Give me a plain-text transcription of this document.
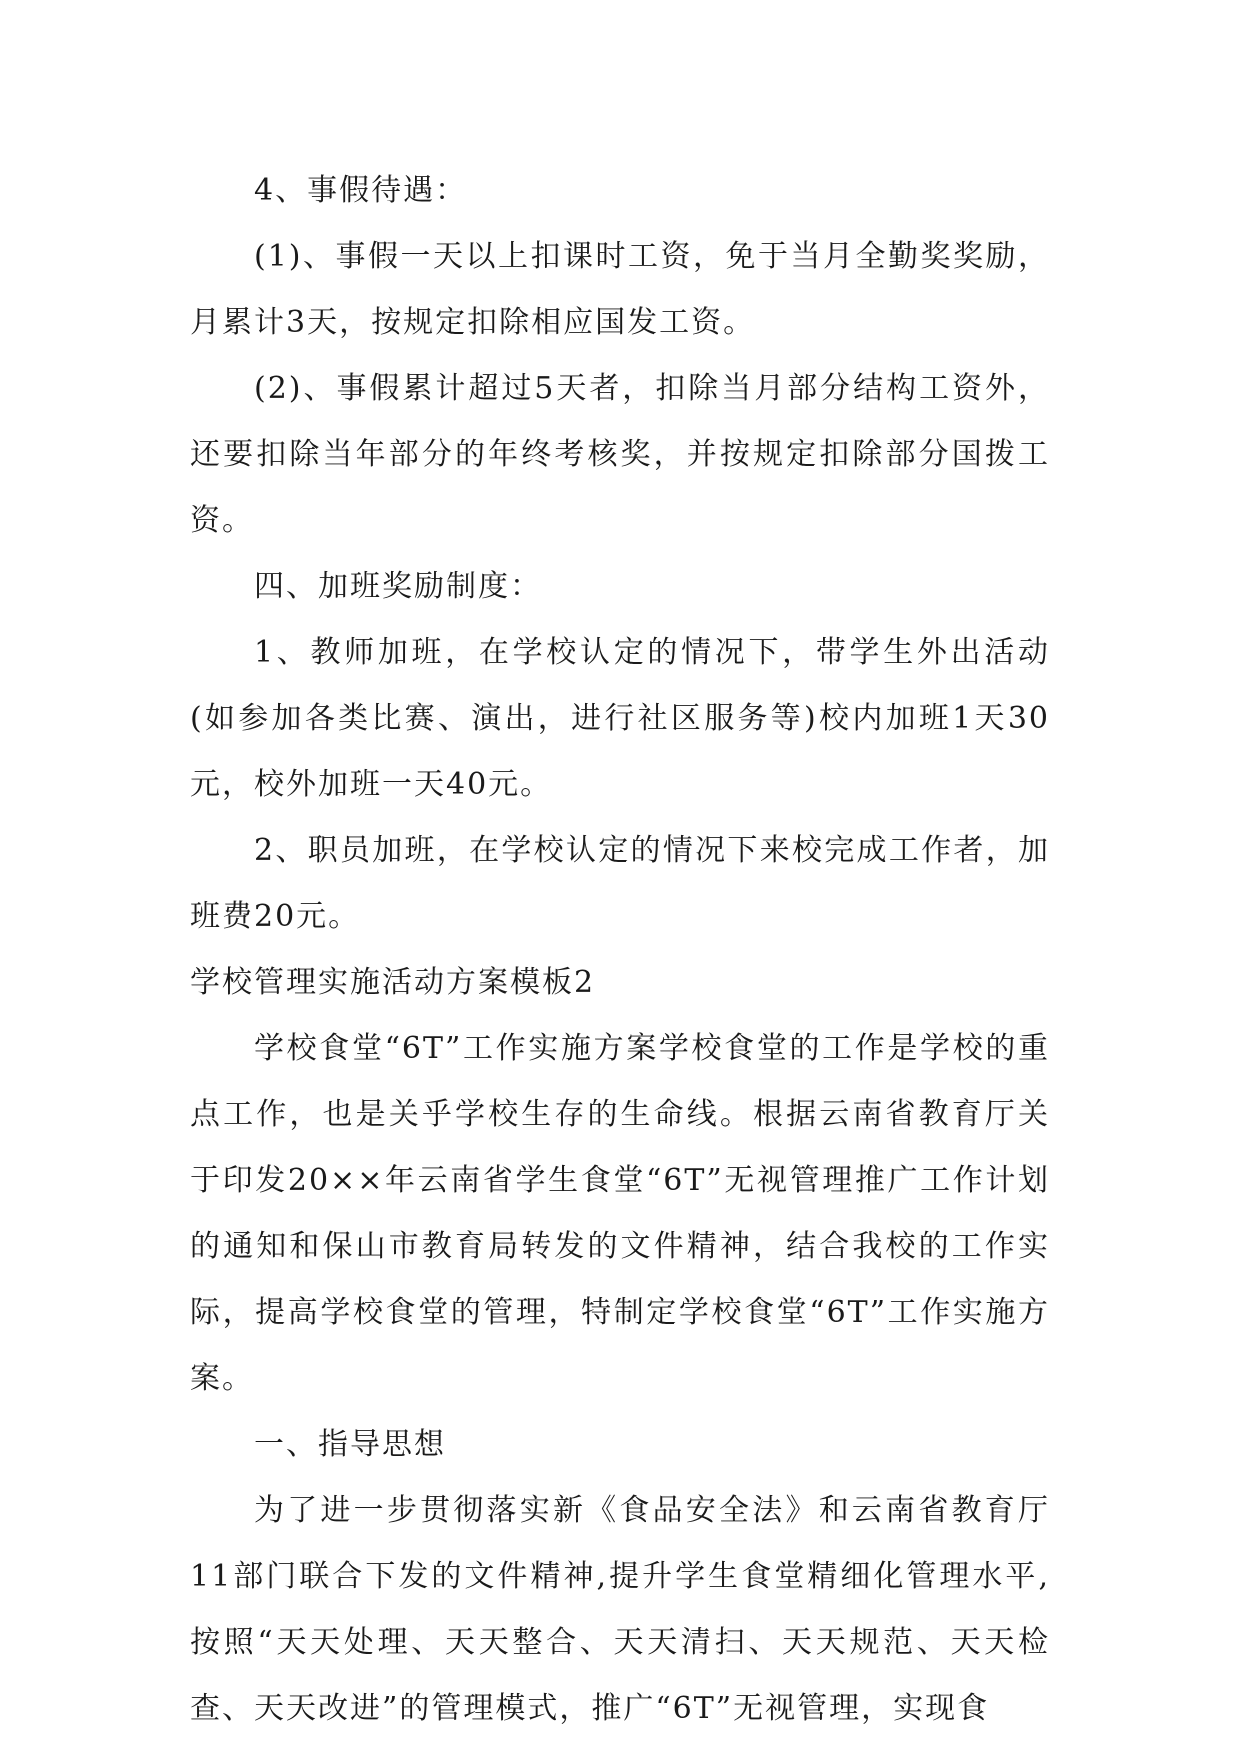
4、事假待遇：

(1)、事假一天以上扣课时工资，免于当月全勤奖奖励，月累计3天，按规定扣除相应国发工资。

(2)、事假累计超过5天者，扣除当月部分结构工资外，还要扣除当年部分的年终考核奖，并按规定扣除部分国拨工资。

四、加班奖励制度：

1、教师加班，在学校认定的情况下，带学生外出活动(如参加各类比赛、演出，进行社区服务等)校内加班1天30元，校外加班一天40元。

2、职员加班，在学校认定的情况下来校完成工作者，加班费20元。

学校管理实施活动方案模板2

学校食堂“6T”工作实施方案学校食堂的工作是学校的重点工作，也是关乎学校生存的生命线。根据云南省教育厅关于印发20××年云南省学生食堂“6T”无视管理推广工作计划的通知和保山市教育局转发的文件精神，结合我校的工作实际，提高学校食堂的管理，特制定学校食堂“6T”工作实施方案。

一、指导思想

为了进一步贯彻落实新《食品安全法》和云南省教育厅11部门联合下发的文件精神,提升学生食堂精细化管理水平,按照“天天处理、天天整合、天天清扫、天天规范、天天检查、天天改进”的管理模式，推广“6T”无视管理，实现食
